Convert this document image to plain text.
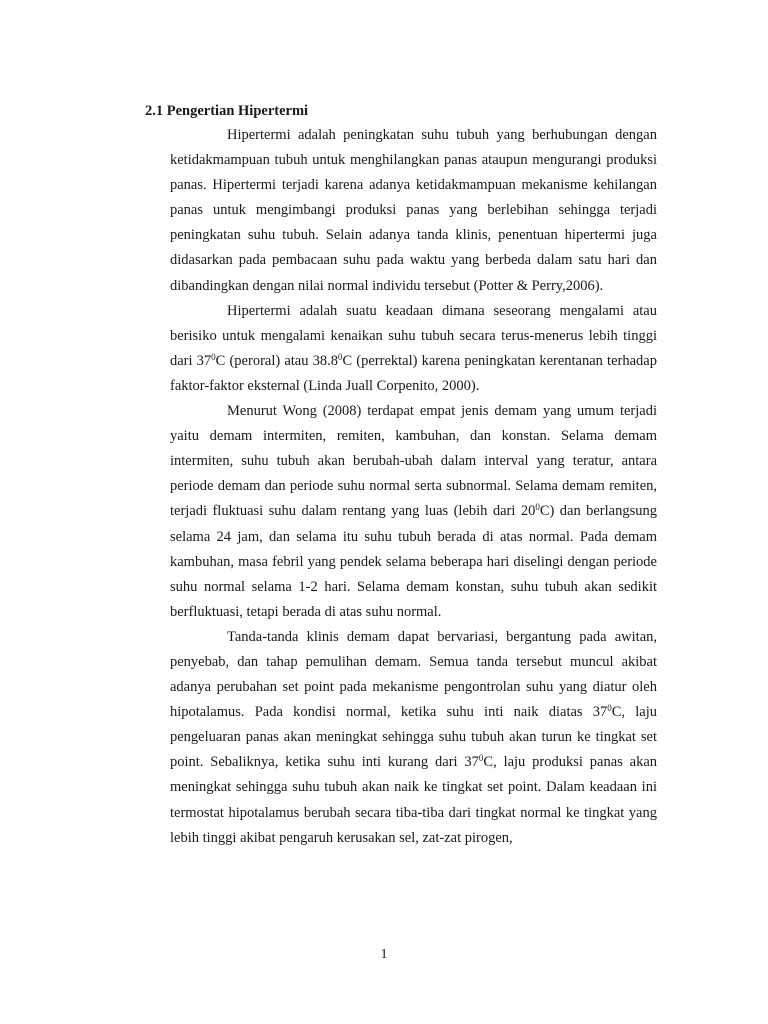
2.1 Pengertian Hipertermi

Hipertermi adalah peningkatan suhu tubuh yang berhubungan dengan ketidakmampuan tubuh untuk menghilangkan panas ataupun mengurangi produksi panas. Hipertermi terjadi karena adanya ketidakmampuan mekanisme kehilangan panas untuk mengimbangi produksi panas yang berlebihan sehingga terjadi peningkatan suhu tubuh. Selain adanya tanda klinis, penentuan hipertermi juga didasarkan pada pembacaan suhu pada waktu yang berbeda dalam satu hari dan dibandingkan dengan nilai normal individu tersebut (Potter & Perry,2006).

Hipertermi adalah suatu keadaan dimana seseorang mengalami atau berisiko untuk mengalami kenaikan suhu tubuh secara terus-menerus lebih tinggi dari $37^0C$ (peroral) atau 38.8$^0$C (perrektal) karena peningkatan kerentanan terhadap faktor-faktor eksternal (Linda Juall Corpenito, 2000).

Menurut Wong (2008) terdapat empat jenis demam yang umum terjadi yaitu demam intermiten, remiten, kambuhan, dan konstan. Selama demam intermiten, suhu tubuh akan berubah-ubah dalam interval yang teratur, antara periode demam dan periode suhu normal serta subnormal. Selama demam remiten, terjadi fluktuasi suhu dalam rentang yang luas (lebih dari $20^0C$) dan berlangsung selama 24 jam, dan selama itu suhu tubuh berada di atas normal. Pada demam kambuhan, masa febril yang pendek selama beberapa hari diselingi dengan periode suhu normal selama 1-2 hari. Selama demam konstan, suhu tubuh akan sedikit berfluktuasi, tetapi berada di atas suhu normal.

Tanda-tanda klinis demam dapat bervariasi, bergantung pada awitan, penyebab, dan tahap pemulihan demam. Semua tanda tersebut muncul akibat adanya perubahan set point pada mekanisme pengontrolan suhu yang diatur oleh hipotalamus. Pada kondisi normal, ketika suhu inti naik diatas $37^0C$, laju pengeluaran panas akan meningkat sehingga suhu tubuh akan turun ke tingkat set point. Sebaliknya, ketika suhu inti kurang dari $37^0C$, laju produksi panas akan meningkat sehingga suhu tubuh akan naik ke tingkat set point. Dalam keadaan ini termostat hipotalamus berubah secara tiba-tiba dari tingkat normal ke tingkat yang lebih tinggi akibat pengaruh kerusakan sel, zat-zat pirogen,

1
